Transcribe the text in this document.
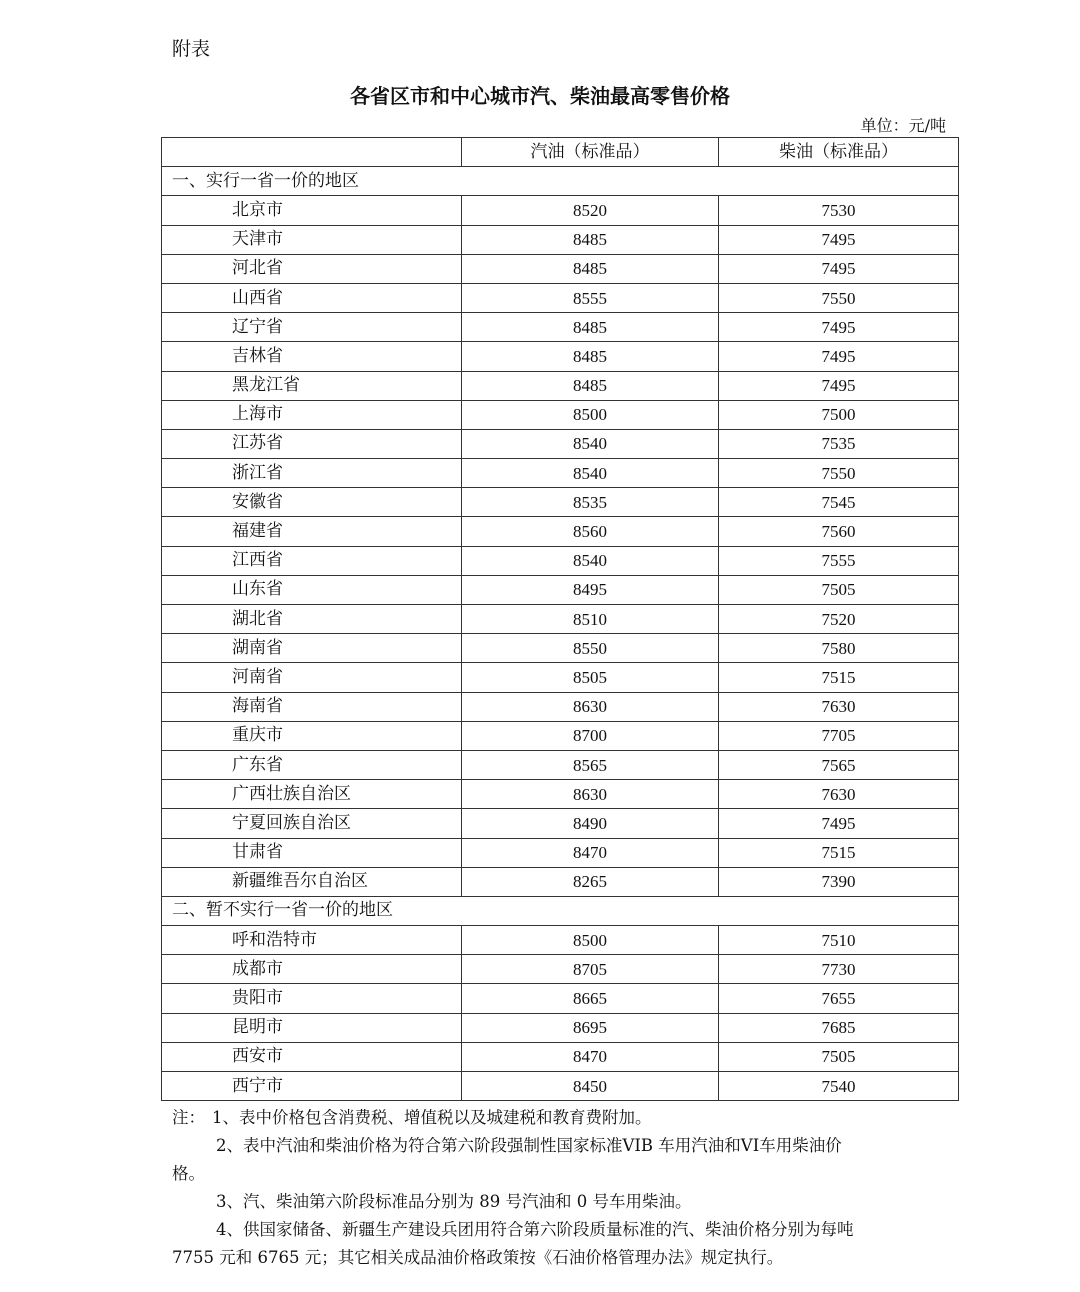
附表
各省区市和中心城市汽、柴油最高零售价格
单位：元/吨
	汽油（标准品）	柴油（标准品）
一、实行一省一价的地区		
北京市	8520	7530
天津市	8485	7495
河北省	8485	7495
山西省	8555	7550
辽宁省	8485	7495
吉林省	8485	7495
黑龙江省	8485	7495
上海市	8500	7500
江苏省	8540	7535
浙江省	8540	7550
安徽省	8535	7545
福建省	8560	7560
江西省	8540	7555
山东省	8495	7505
湖北省	8510	7520
湖南省	8550	7580
河南省	8505	7515
海南省	8630	7630
重庆市	8700	7705
广东省	8565	7565
广西壮族自治区	8630	7630
宁夏回族自治区	8490	7495
甘肃省	8470	7515
新疆维吾尔自治区	8265	7390
二、暂不实行一省一价的地区		
呼和浩特市	8500	7510
成都市	8705	7730
贵阳市	8665	7655
昆明市	8695	7685
西安市	8470	7505
西宁市	8450	7540
注： 1、表中价格包含消费税、增值税以及城建税和教育费附加。
2、表中汽油和柴油价格为符合第六阶段强制性国家标准VIB 车用汽油和VI车用柴油价
格。
3、汽、柴油第六阶段标准品分别为 89 号汽油和 0 号车用柴油。
4、供国家储备、新疆生产建设兵团用符合第六阶段质量标准的汽、柴油价格分别为每吨
7755 元和 6765 元；其它相关成品油价格政策按《石油价格管理办法》规定执行。
